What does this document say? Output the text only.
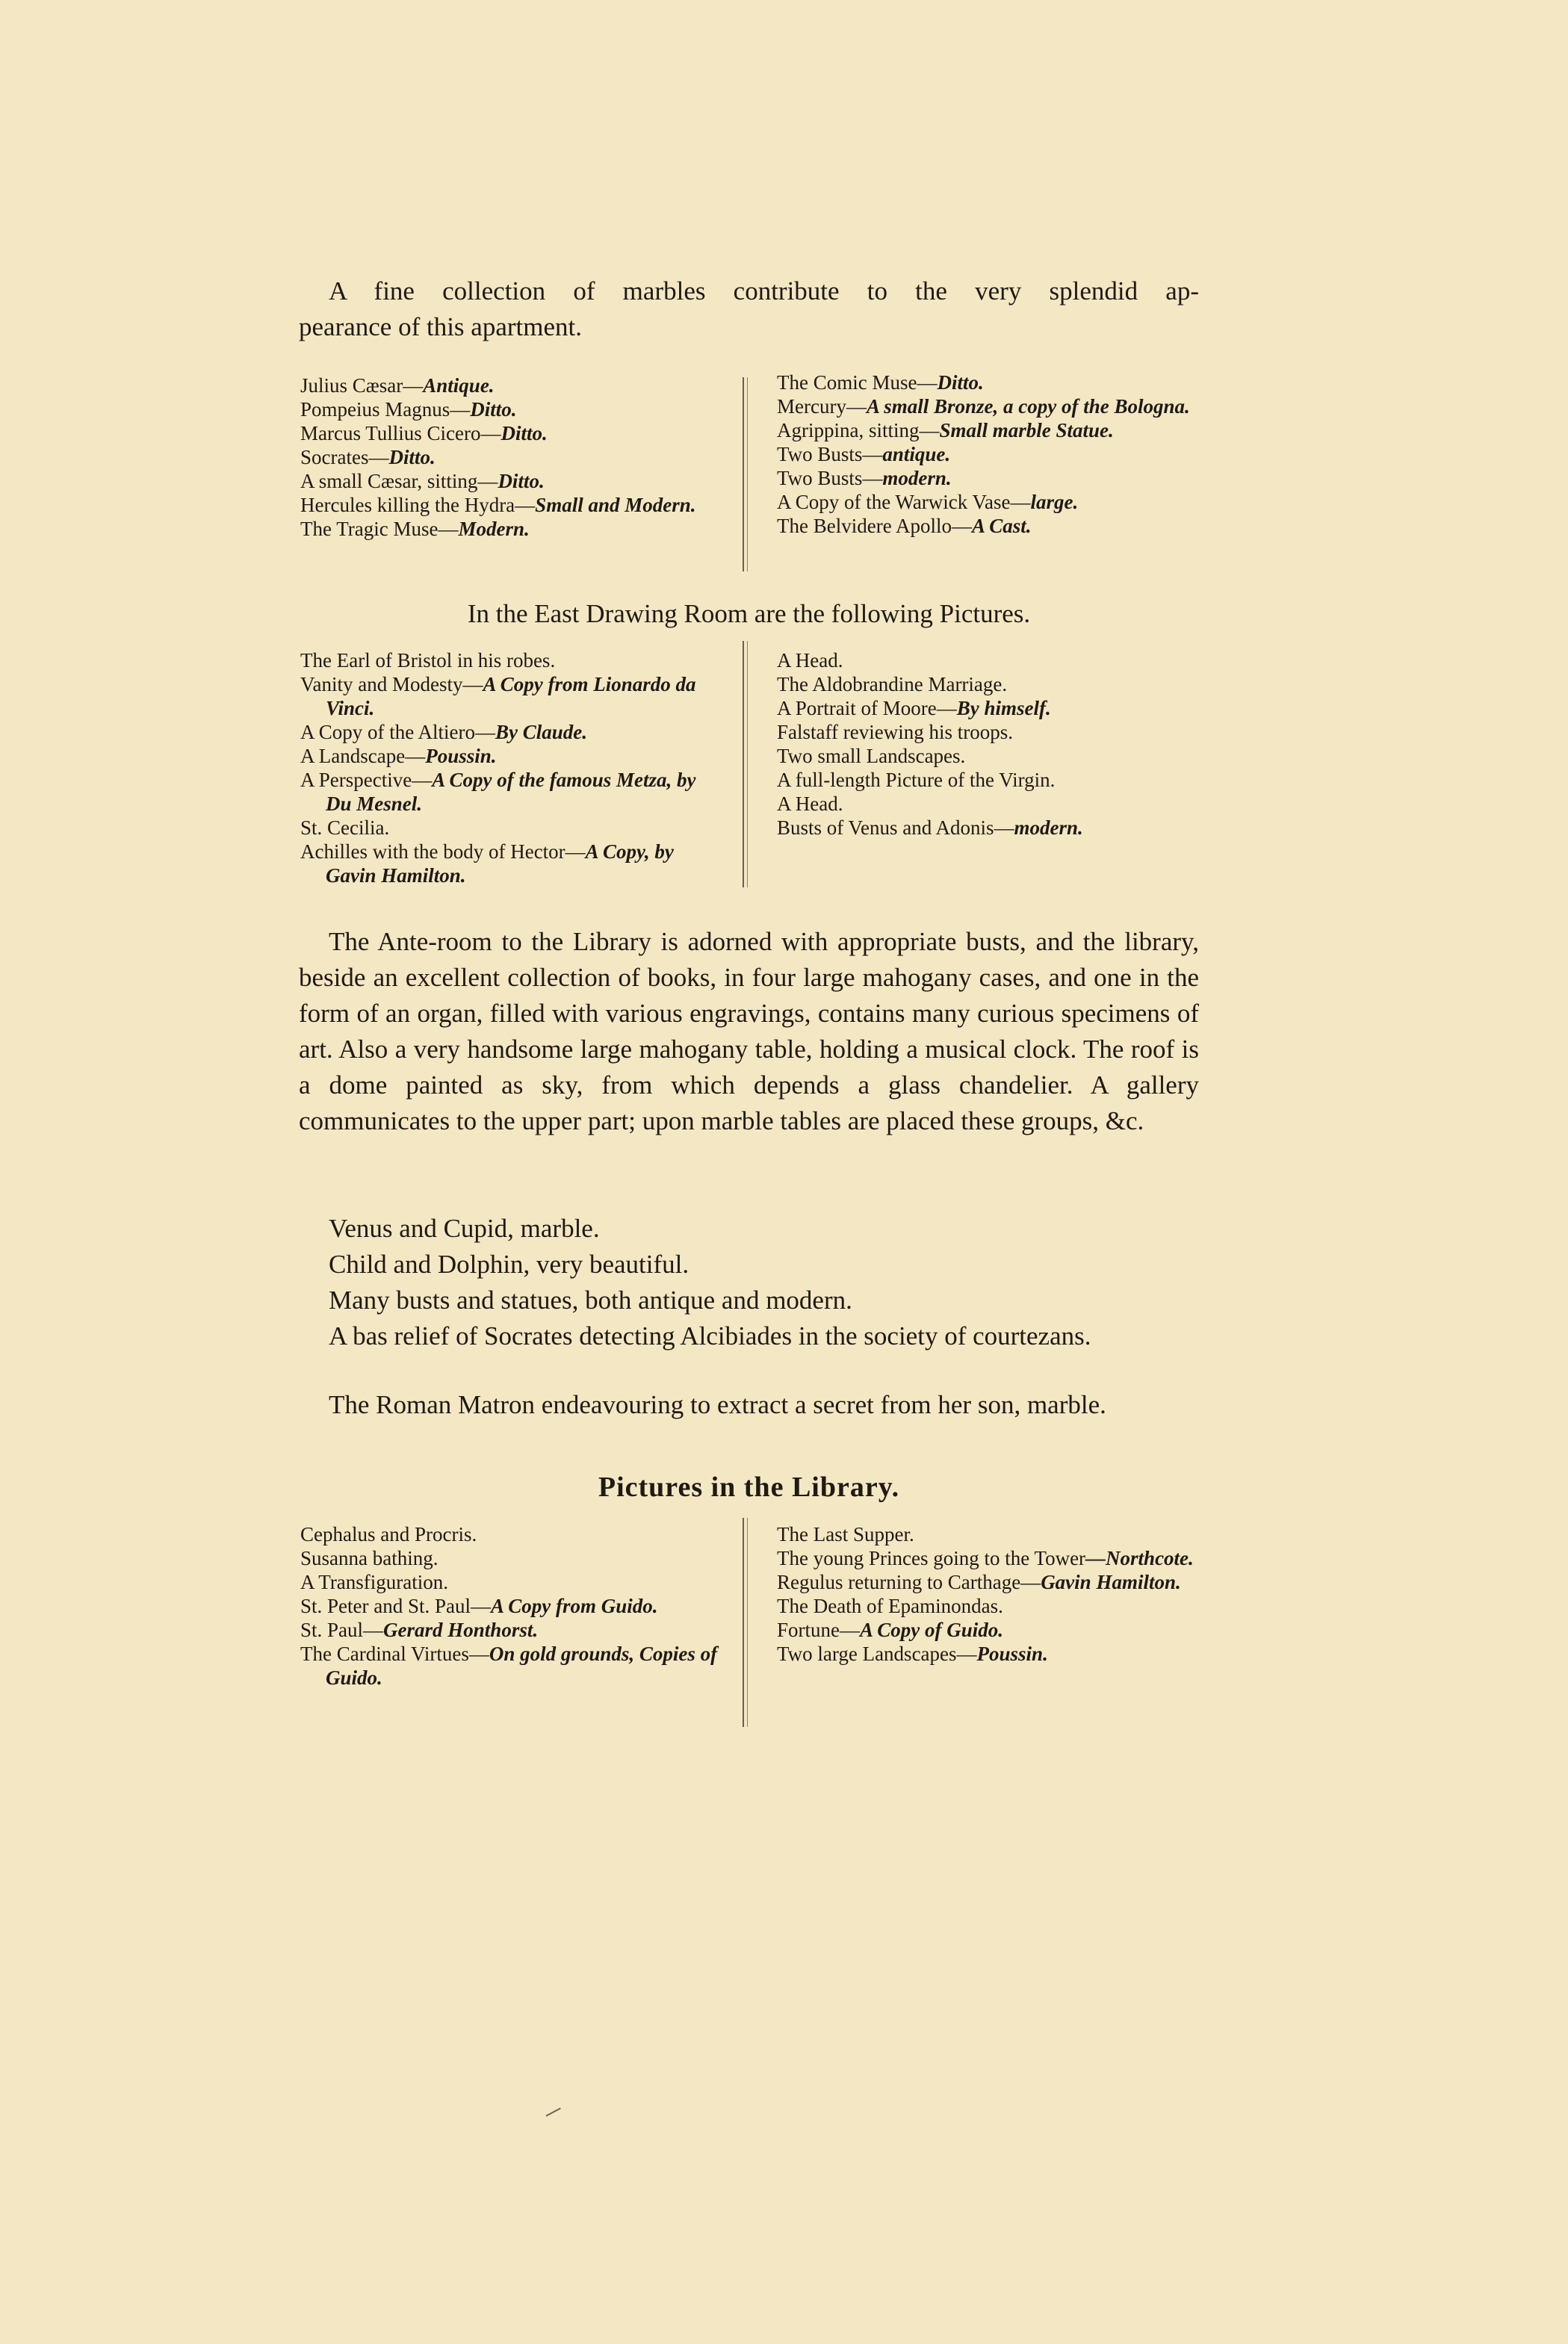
A fine collection of marbles contribute to the very splendid ap-
pearance of this apartment.

Julius Cæsar—Antique.
Pompeius Magnus—Ditto.
Marcus Tullius Cicero—Ditto.
Socrates—Ditto.
A small Cæsar, sitting—Ditto.
Hercules killing the Hydra—Small and Modern.
The Tragic Muse—Modern.
The Comic Muse—Ditto.
Mercury—A small Bronze, a copy of the Bologna.
Agrippina, sitting—Small marble Statue.
Two Busts—antique.
Two Busts—modern.
A Copy of the Warwick Vase—large.
The Belvidere Apollo—A Cast.

In the East Drawing Room are the following Pictures.

The Earl of Bristol in his robes.
Vanity and Modesty—A Copy from Lionardo da Vinci.
A Copy of the Altiero—By Claude.
A Landscape—Poussin.
A Perspective—A Copy of the famous Metza, by Du Mesnel.
St. Cecilia.
Achilles with the body of Hector—A Copy, by Gavin Hamilton.
A Head.
The Aldobrandine Marriage.
A Portrait of Moore—By himself.
Falstaff reviewing his troops.
Two small Landscapes.
A full-length Picture of the Virgin.
A Head.
Busts of Venus and Adonis—modern.

The Ante-room to the Library is adorned with appropriate busts, and the library, beside an excellent collection of books, in four large mahogany cases, and one in the form of an organ, filled with various engravings, contains many curious specimens of art. Also a very handsome large mahogany table, holding a musical clock. The roof is a dome painted as sky, from which depends a glass chandelier. A gallery communicates to the upper part; upon marble tables are placed these groups, &c.

Venus and Cupid, marble.

Child and Dolphin, very beautiful.

Many busts and statues, both antique and modern.

A bas relief of Socrates detecting Alcibiades in the society of courtezans.

The Roman Matron endeavouring to extract a secret from her son, marble.

Pictures in the Library.

Cephalus and Procris.
Susanna bathing.
A Transfiguration.
St. Peter and St. Paul—A Copy from Guido.
St. Paul—Gerard Honthorst.
The Cardinal Virtues—On gold grounds, Copies of Guido.
The Last Supper.
The young Princes going to the Tower—Northcote.
Regulus returning to Carthage—Gavin Hamilton.
The Death of Epaminondas.
Fortune—A Copy of Guido.
Two large Landscapes—Poussin.
